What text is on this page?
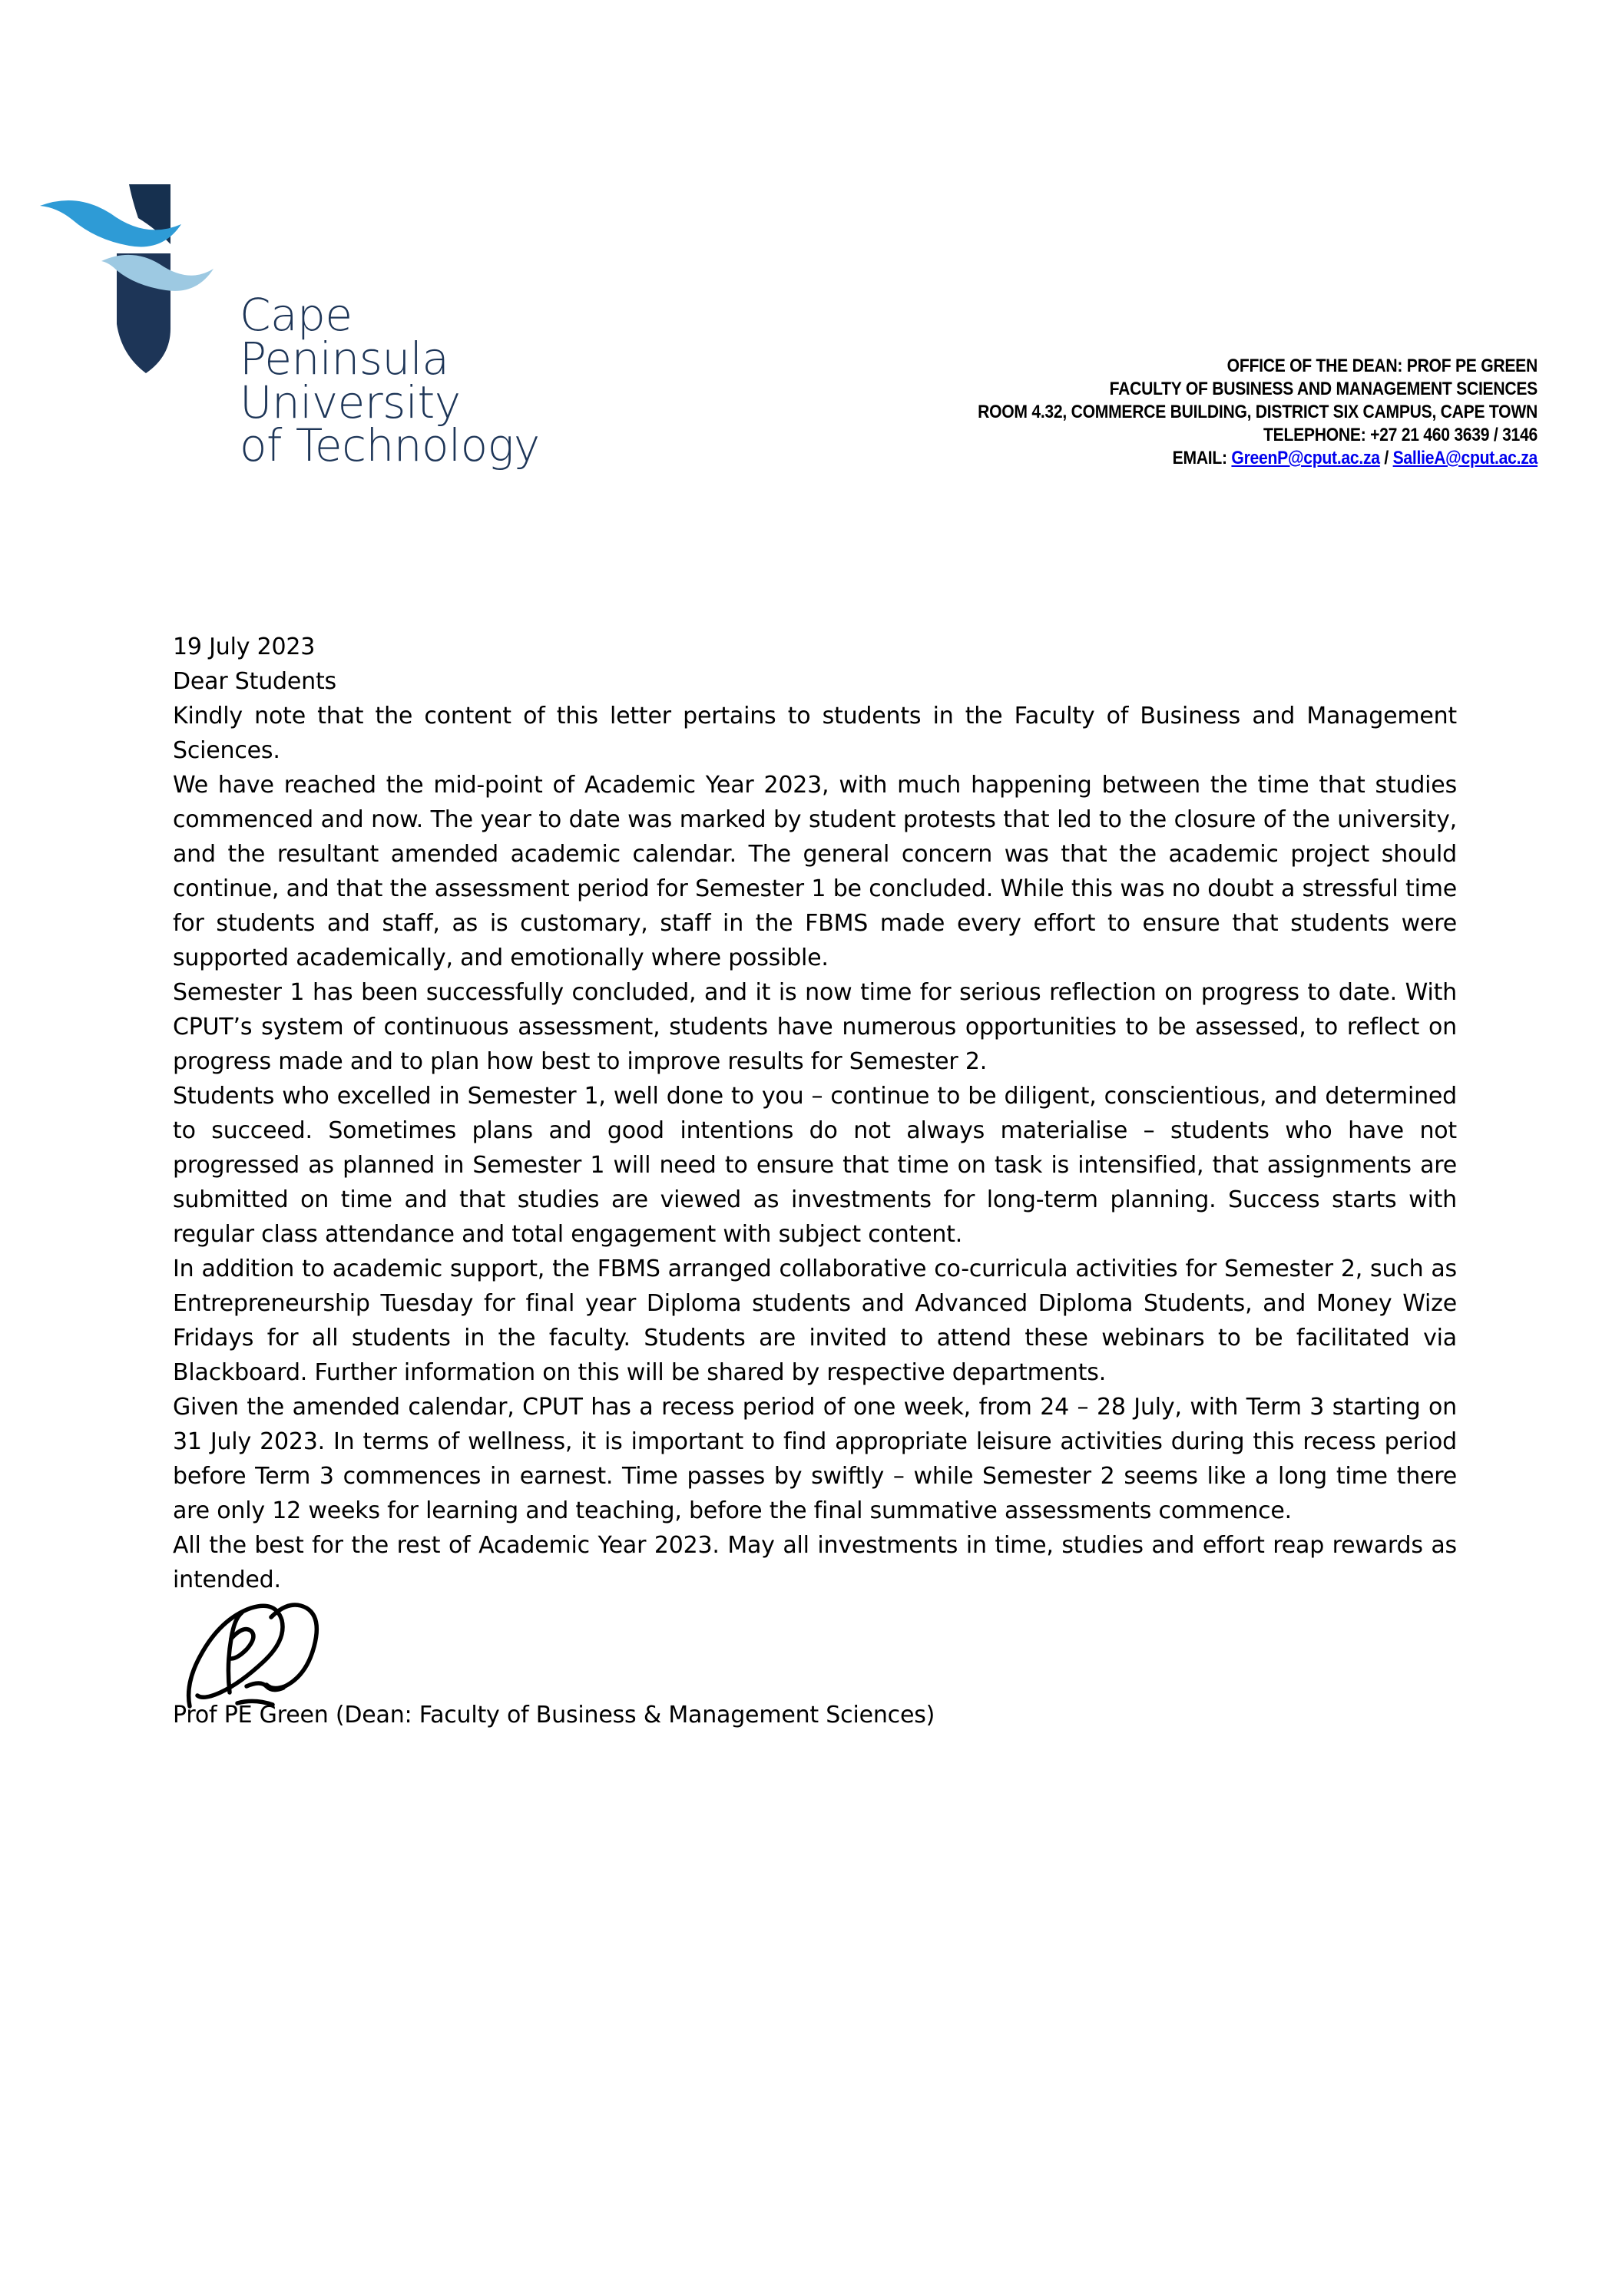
Cape
Peninsula
University
of Technology
OFFICE OF THE DEAN: PROF PE GREEN
FACULTY OF BUSINESS AND MANAGEMENT SCIENCES
ROOM 4.32, COMMERCE BUILDING, DISTRICT SIX CAMPUS, CAPE TOWN
TELEPHONE: +27 21 460 3639 / 3146
EMAIL: GreenP@cput.ac.za / SallieA@cput.ac.za

19 July 2023

Dear Students

Kindly note that the content of this letter pertains to students in the Faculty of Business and Management Sciences.

We have reached the mid-point of Academic Year 2023, with much happening between the time that studies commenced and now. The year to date was marked by student protests that led to the closure of the university, and the resultant amended academic calendar. The general concern was that the academic project should continue, and that the assessment period for Semester 1 be concluded. While this was no doubt a stressful time for students and staff, as is customary, staff in the FBMS made every effort to ensure that students were supported academically, and emotionally where possible.

Semester 1 has been successfully concluded, and it is now time for serious reflection on progress to date. With CPUT’s system of continuous assessment, students have numerous opportunities to be assessed, to reflect on progress made and to plan how best to improve results for Semester 2.

Students who excelled in Semester 1, well done to you – continue to be diligent, conscientious, and determined to succeed. Sometimes plans and good intentions do not always materialise – students who have not progressed as planned in Semester 1 will need to ensure that time on task is intensified, that assignments are submitted on time and that studies are viewed as investments for long-term planning. Success starts with regular class attendance and total engagement with subject content.

In addition to academic support, the FBMS arranged collaborative co-curricula activities for Semester 2, such as Entrepreneurship Tuesday for final year Diploma students and Advanced Diploma Students, and Money Wize Fridays for all students in the faculty. Students are invited to attend these webinars to be facilitated via Blackboard. Further information on this will be shared by respective departments.

Given the amended calendar, CPUT has a recess period of one week, from 24 – 28 July, with Term 3 starting on 31 July 2023. In terms of wellness, it is important to find appropriate leisure activities during this recess period before Term 3 commences in earnest. Time passes by swiftly – while Semester 2 seems like a long time there are only 12 weeks for learning and teaching, before the final summative assessments commence.

All the best for the rest of Academic Year 2023. May all investments in time, studies and effort reap rewards as intended.

Prof PE Green (Dean: Faculty of Business & Management Sciences)
